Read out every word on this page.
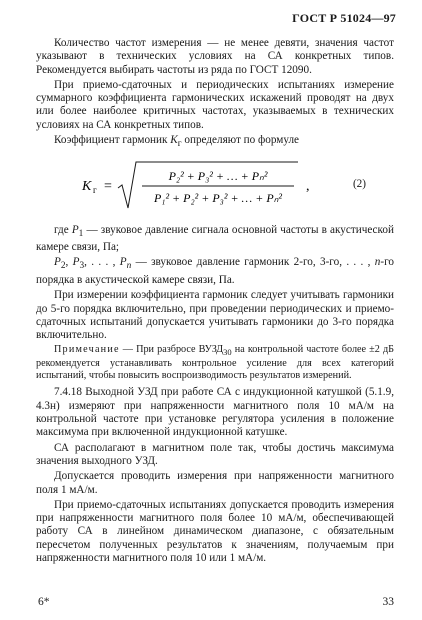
ГОСТ Р 51024—97

Количество частот измерения — не менее девяти, значения частот указывают в технических условиях на СА конкретных типов. Рекомендуется выбирать частоты из ряда по ГОСТ 12090.

При приемо-сдаточных и периодических испытаниях измерение суммарного коэффициента гармонических искажений проводят на двух или более наиболее критичных частотах, указываемых в технических условиях на СА конкретных типов.

Коэффициент гармоник $K_г$ определяют по формуле

K г =
P₂² + P₃² + … + Pₙ²
P₁² + P₂² + P₃² + … + Pₙ²
,	(2)

где $P_1$ — звуковое давление сигнала основной частоты в акустической камере связи, Па;

$P_2$, $P_3$, . . . , $P_n$ — звуковое давление гармоник 2-го, 3-го, . . . , n-го порядка в акустической камере связи, Па.

При измерении коэффициента гармоник следует учитывать гармоники до 5-го порядка включительно, при проведении периодических и приемо-сдаточных испытаний допускается учитывать гармоники до 3-го порядка включительно.

Примечание — При разбросе $ВУЗД_{30}$ на контрольной частоте более ±2 дБ рекомендуется устанавливать контрольное усиление для всех категорий испытаний, чтобы повысить воспроизводимость результатов измерений.

7.4.18 Выходной УЗД при работе СА с индукционной катушкой (5.1.9, 4.3н) измеряют при напряженности магнитного поля 10 мА/м на контрольной частоте при установке регулятора усиления в положение максимума при включенной индукционной катушке.

СА располагают в магнитном поле так, чтобы достичь максимума значения выходного УЗД.

Допускается проводить измерения при напряженности магнитного поля 1 мА/м.

При приемо-сдаточных испытаниях допускается проводить измерения при напряженности магнитного поля более 10 мА/м, обеспечивающей работу СА в линейном динамическом диапазоне, с обязательным пересчетом полученных результатов к значениям, получаемым при напряженности магнитного поля 10 или 1 мА/м.

6*	33
